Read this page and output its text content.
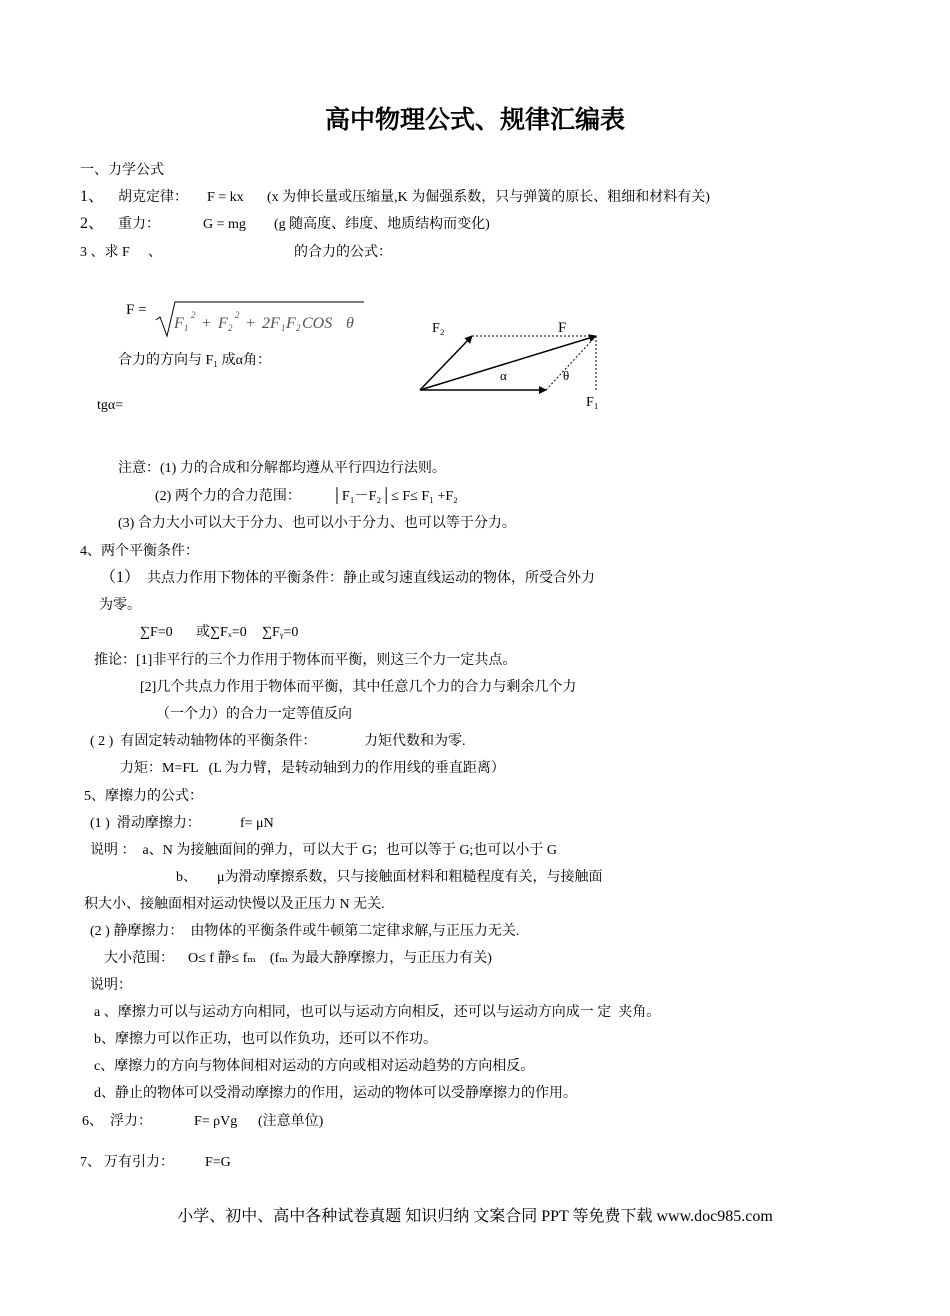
高中物理公式、规律汇编表
一、力学公式
1、 胡克定律： F = kx (x 为伸长量或压缩量,K 为倔强系数，只与弹簧的原长、粗细和材料有关)
2、 重力：	G = mg (g 随高度、纬度、地质结构而变化)
3 、求 F 、	的合力的公式：
F =
F 1
2 + F 2
2 + 2F 1 F 2 COS θ
合力的方向与 F₁ 成α角：
tgα=
F₂	F
α	θ
F₁
注意：(1) 力的合成和分解都均遵从平行四边行法则。
(2) 两个力的合力范围： │F₁－F₂│≤ F≤ F₁ +F₂
(3) 合力大小可以大于分力、也可以小于分力、也可以等于分力。
4、两个平衡条件：
（1） 共点力作用下物体的平衡条件：静止或匀速直线运动的物体，所受合外力
为零。
∑F=0 或∑Fₓ=0 ∑Fᵧ=0
推论：[1]非平行的三个力作用于物体而平衡，则这三个力一定共点。
[2]几个共点力作用于物体而平衡，其中任意几个力的合力与剩余几个力
（一个力）的合力一定等值反向
( 2 )  有固定转动轴物体的平衡条件：	力矩代数和为零.
力矩：M=FL   (L 为力臂，是转动轴到力的作用线的垂直距离）
5、摩擦力的公式：
(1 )  滑动摩擦力：	f= μN
说明 ：  a、N 为接触面间的弹力，可以大于 G；也可以等于 G;也可以小于 G
b、 μ为滑动摩擦系数，只与接触面材料和粗糙程度有关，与接触面
积大小、接触面相对运动快慢以及正压力 N 无关.
(2 ) 静摩擦力：  由物体的平衡条件或牛顿第二定律求解,与正压力无关.
大小范围：    O≤ f 静≤ fₘ    (fₘ 为最大静摩擦力，与正压力有关)
说明：
a 、摩擦力可以与运动方向相同，也可以与运动方向相反，还可以与运动方向成一 定  夹角。
b、摩擦力可以作正功，也可以作负功，还可以不作功。
c、摩擦力的方向与物体间相对运动的方向或相对运动趋势的方向相反。
d、静止的物体可以受滑动摩擦力的作用，运动的物体可以受静摩擦力的作用。
6、 浮力：	F= ρVg (注意单位)
7、 万有引力： F=G
小学、初中、高中各种试卷真题 知识归纳 文案合同 PPT 等免费下载 www.doc985.com
